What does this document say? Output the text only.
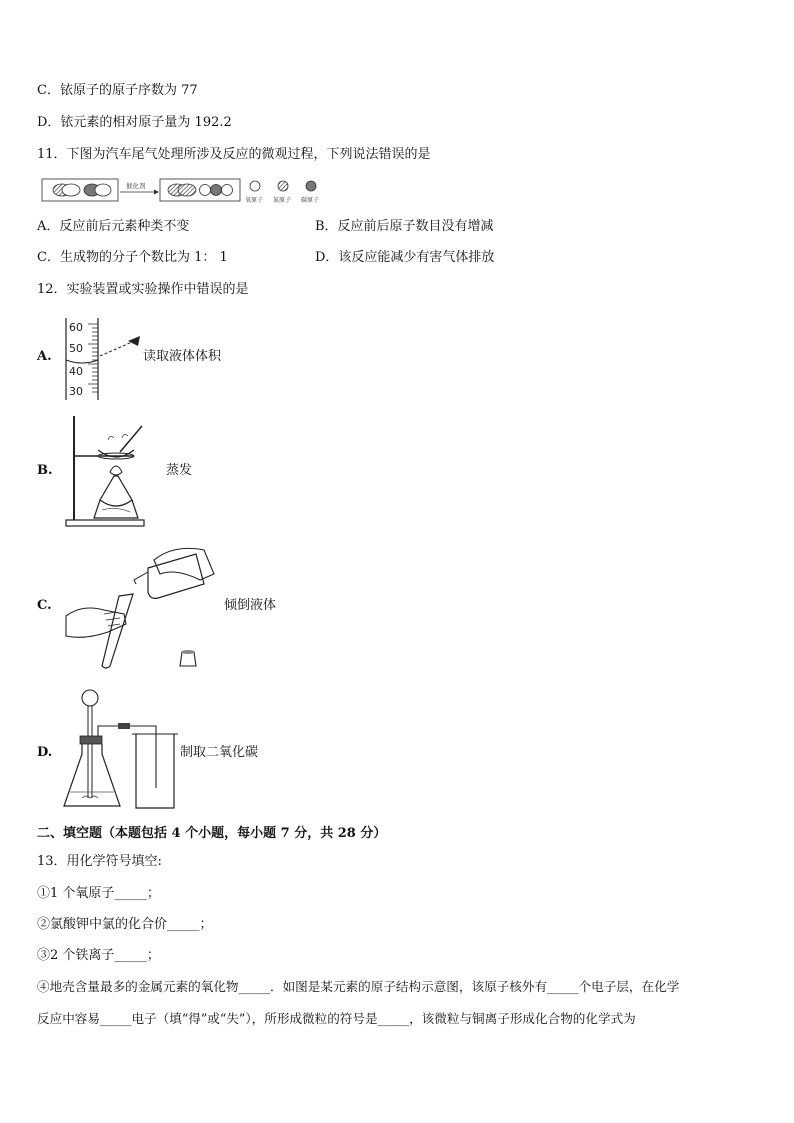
C．铱原子的原子序数为 77
D．铱元素的相对原子量为 192.2
11．下图为汽车尾气处理所涉及反应的微观过程，下列说法错误的是
催化剂
氧原子 氮原子 碳原子
A．反应前后元素种类不变	B．反应前后原子数目没有增减
C．生成物的分子个数比为 1： 1	D．该反应能减少有害气体排放
12．实验装置或实验操作中错误的是
A.
60
50
40
30
读取液体体积
B.	蒸发
C.	倾倒液体
D.	制取二氧化碳
二、填空题（本题包括 4 个小题，每小题 7 分，共 28 分）
13．用化学符号填空:
①1 个氧原子_____；
②氯酸钾中氯的化合价_____；
③2 个铁离子_____；
④地壳含量最多的金属元素的氧化物_____．如图是某元素的原子结构示意图，该原子核外有_____个电子层，在化学
反应中容易_____电子（填“得”或“失”），所形成微粒的符号是_____，该微粒与铜离子形成化合物的化学式为
